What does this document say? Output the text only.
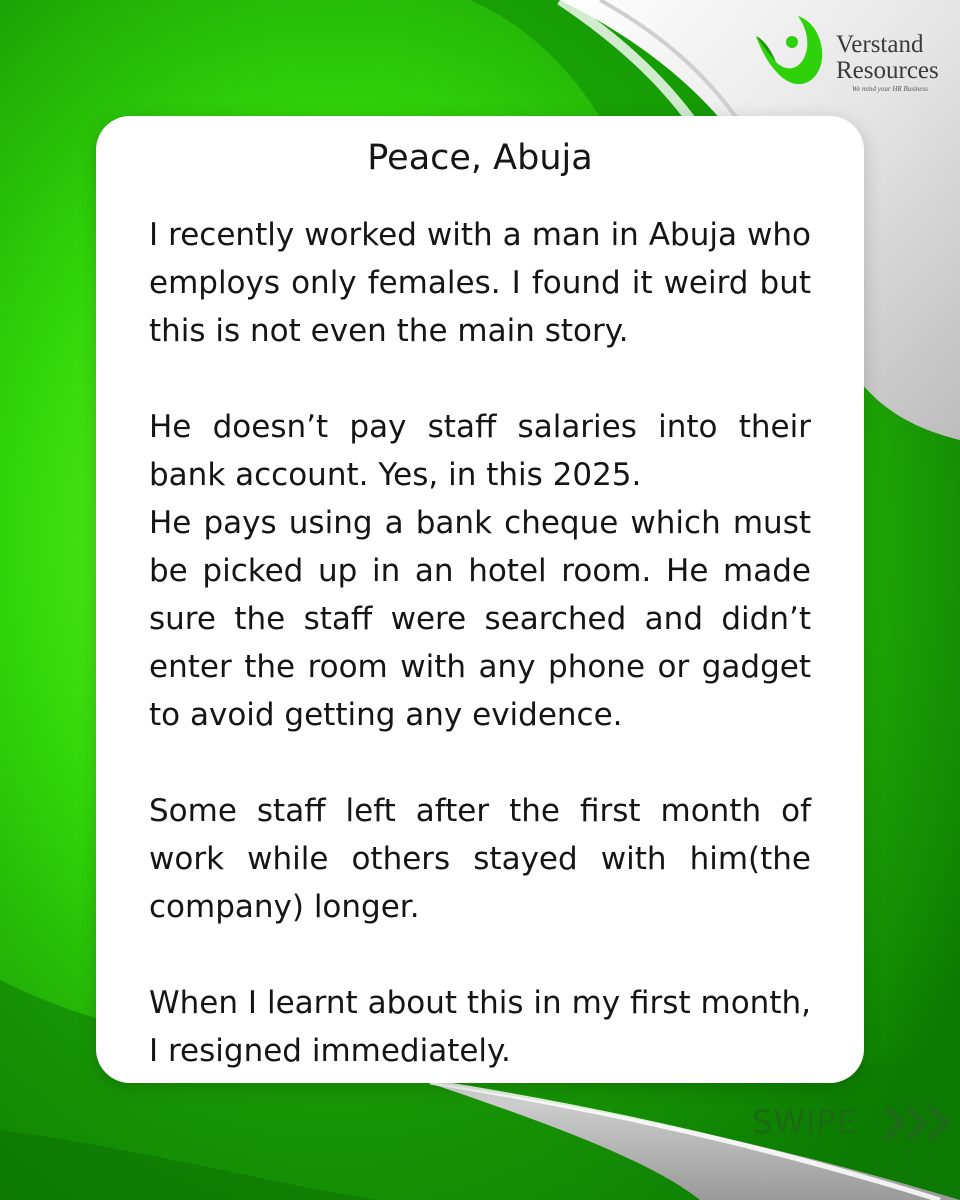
Verstand

Resources

We mind your HR Business

Peace, Abuja

I recently worked with a man in Abuja who employs only females. I found it weird but this is not even the main story.

He doesn’t pay staff salaries into their bank account. Yes, in this 2025.

He pays using a bank cheque which must be picked up in an hotel room. He made sure the staff were searched and didn’t enter the room with any phone or gadget to avoid getting any evidence.

Some staff left after the first month of work while others stayed with him(the company) longer.

When I learnt about this in my first month, I resigned immediately.

SWIPE
